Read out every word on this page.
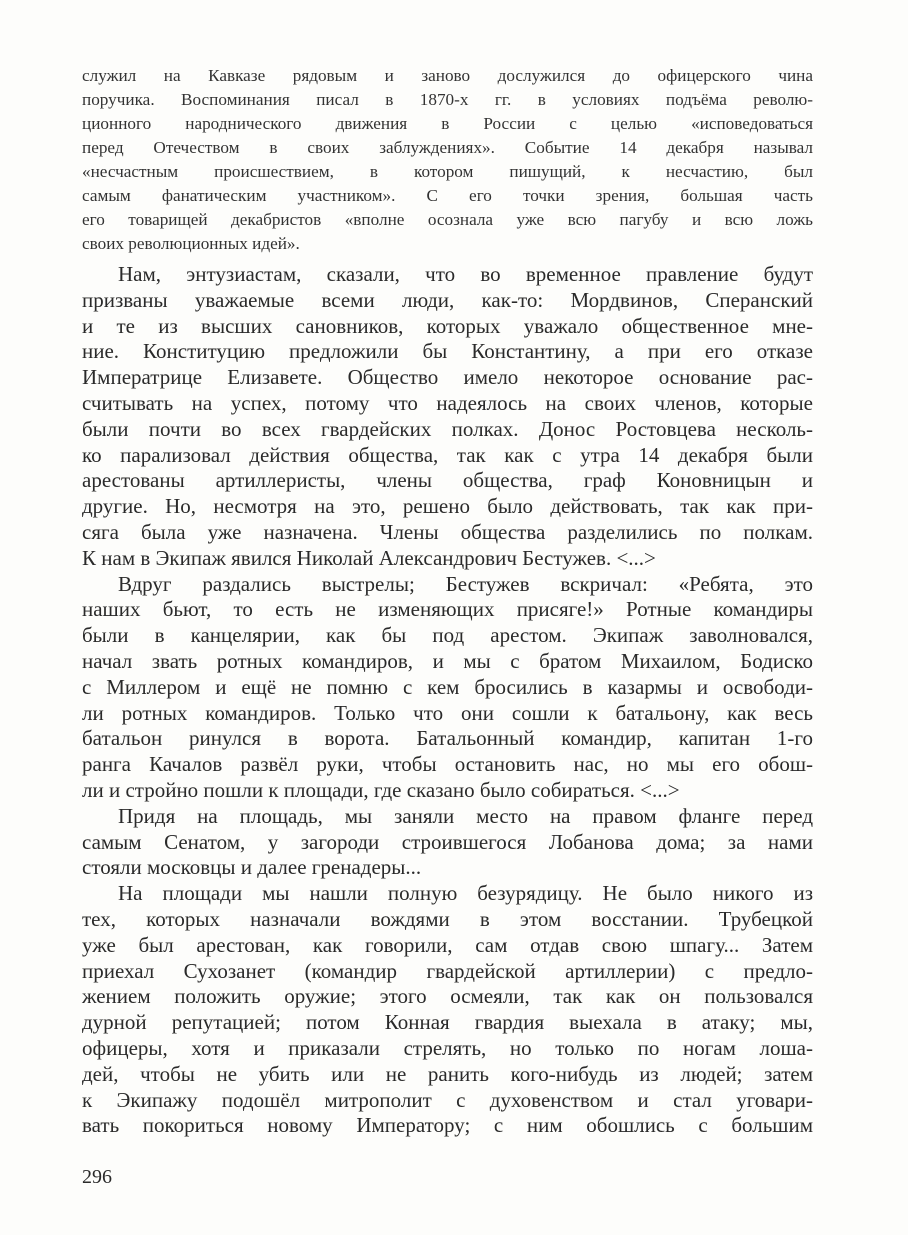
служил на Кавказе рядовым и заново дослужился до офицерского чина
поручика. Воспоминания писал в 1870-х гг. в условиях подъёма револю-
ционного народнического движения в России с целью «исповедоваться
перед Отечеством в своих заблуждениях». Событие 14 декабря называл
«несчастным происшествием, в котором пишущий, к несчастию, был
самым фанатическим участником». С его точки зрения, большая часть
его товарищей декабристов «вполне осознала уже всю пагубу и всю ложь
своих революционных идей».
Нам, энтузиастам, сказали, что во временное правление будут
призваны уважаемые всеми люди, как-то: Мордвинов, Сперанский
и те из высших сановников, которых уважало общественное мне-
ние. Конституцию предложили бы Константину, а при его отказе
Императрице Елизавете. Общество имело некоторое основание рас-
считывать на успех, потому что надеялось на своих членов, которые
были почти во всех гвардейских полках. Донос Ростовцева несколь-
ко парализовал действия общества, так как с утра 14 декабря были
арестованы артиллеристы, члены общества, граф Коновницын и
другие. Но, несмотря на это, решено было действовать, так как при-
сяга была уже назначена. Члены общества разделились по полкам.
К нам в Экипаж явился Николай Александрович Бестужев. <...>
Вдруг раздались выстрелы; Бестужев вскричал: «Ребята, это
наших бьют, то есть не изменяющих присяге!» Ротные командиры
были в канцелярии, как бы под арестом. Экипаж заволновался,
начал звать ротных командиров, и мы с братом Михаилом, Бодиско
с Миллером и ещё не помню с кем бросились в казармы и освободи-
ли ротных командиров. Только что они сошли к батальону, как весь
батальон ринулся в ворота. Батальонный командир, капитан 1-го
ранга Качалов развёл руки, чтобы остановить нас, но мы его обош-
ли и стройно пошли к площади, где сказано было собираться. <...>
Придя на площадь, мы заняли место на правом фланге перед
самым Сенатом, у загороди строившегося Лобанова дома; за нами
стояли московцы и далее гренадеры...
На площади мы нашли полную безурядицу. Не было никого из
тех, которых назначали вождями в этом восстании. Трубецкой
уже был арестован, как говорили, сам отдав свою шпагу... Затем
приехал Сухозанет (командир гвардейской артиллерии) с предло-
жением положить оружие; этого осмеяли, так как он пользовался
дурной репутацией; потом Конная гвардия выехала в атаку; мы,
офицеры, хотя и приказали стрелять, но только по ногам лоша-
дей, чтобы не убить или не ранить кого-нибудь из людей; затем
к Экипажу подошёл митрополит с духовенством и стал уговари-
вать покориться новому Императору; с ним обошлись с большим
296
